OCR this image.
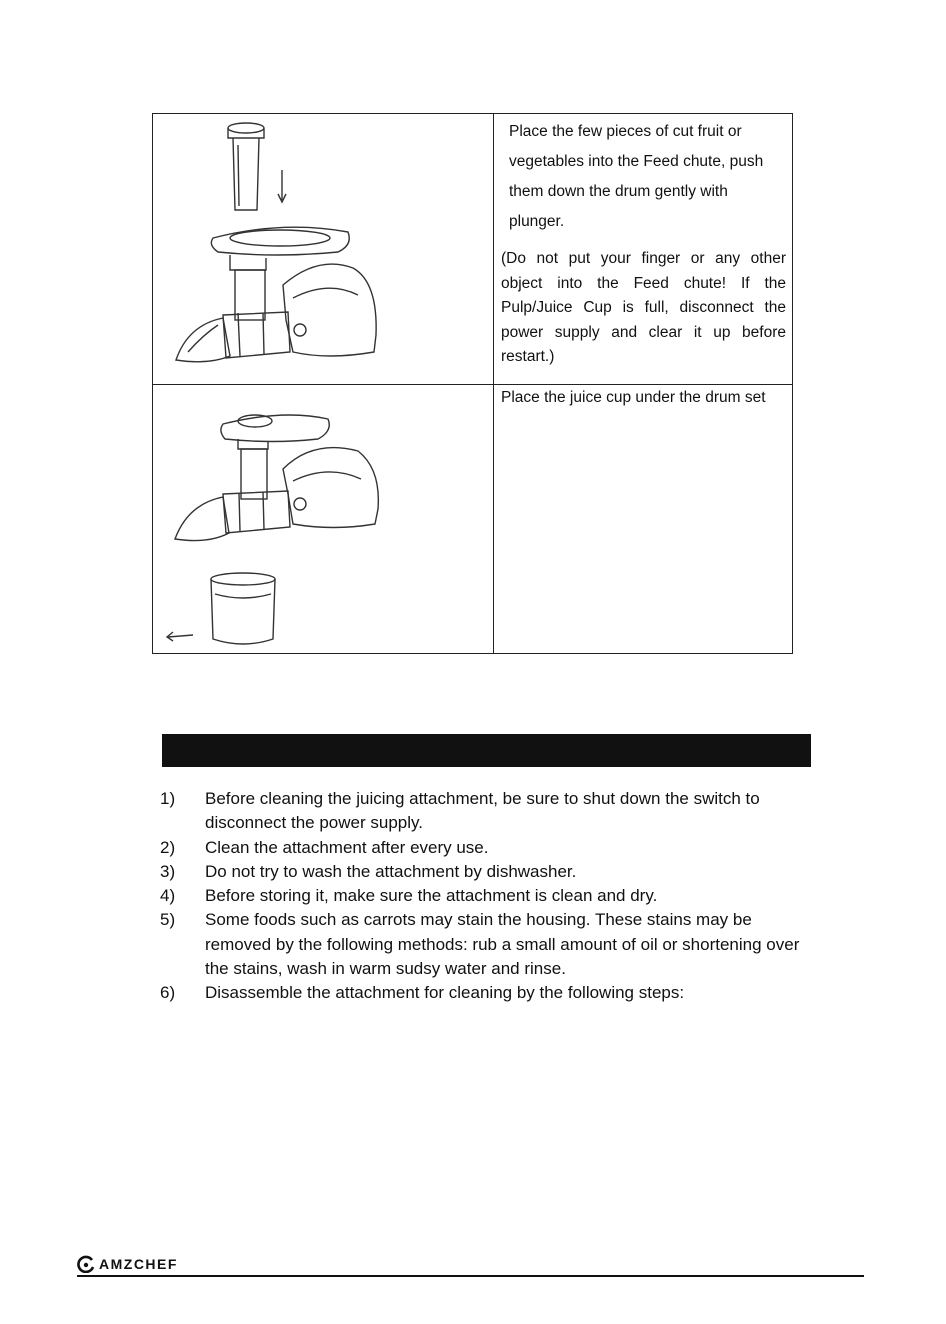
Place the few pieces of cut fruit or vegetables into the Feed chute, push them down the drum gently with plunger.
(Do not put your finger or any other object into the Feed chute! If the Pulp/Juice Cup is full, disconnect the power supply and clear it up before restart.)
Place the juice cup under the drum set
1)	Before cleaning the juicing attachment, be sure to shut down the switch to disconnect the power supply.
2)	Clean the attachment after every use.
3)	Do not try to wash the attachment by dishwasher.
4)	Before storing it, make sure the attachment is clean and dry.
5)	Some foods such as carrots may stain the housing. These stains may be removed by the following methods: rub a small amount of oil or shortening over the stains, wash in warm sudsy water and rinse.
6)	Disassemble the attachment for cleaning by the following steps:
AMZCHEF
